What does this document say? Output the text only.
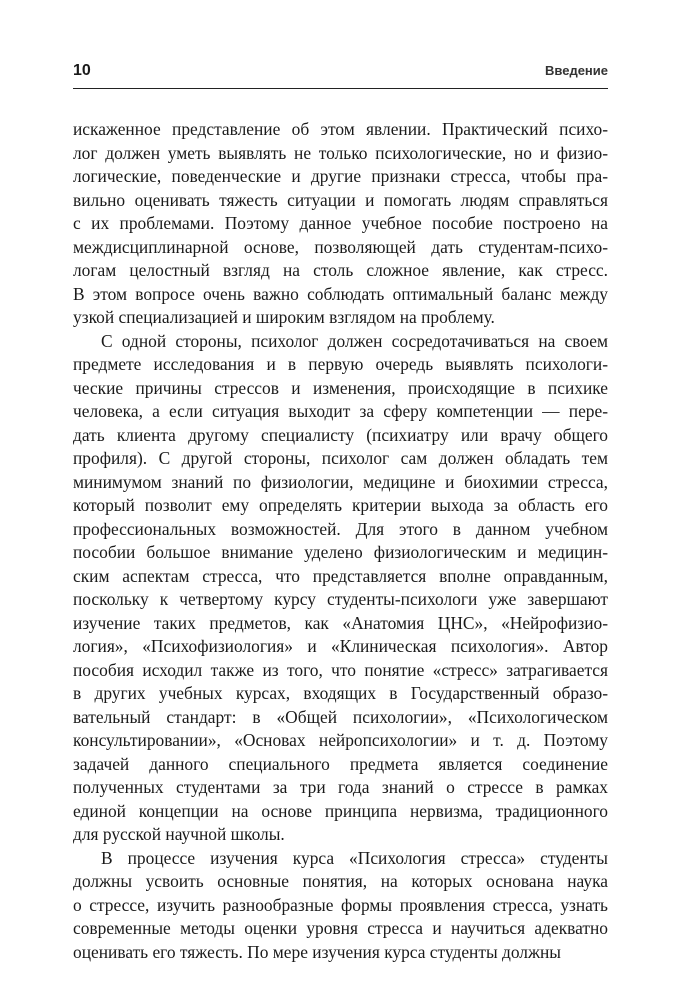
10	Введение
искаженное представление об этом явлении. Практический психо-
лог должен уметь выявлять не только психологические, но и физио-
логические, поведенческие и другие признаки стресса, чтобы пра-
вильно оценивать тяжесть ситуации и помогать людям справляться
с их проблемами. Поэтому данное учебное пособие построено на
междисциплинарной основе, позволяющей дать студентам-психо-
логам целостный взгляд на столь сложное явление, как стресс.
В этом вопросе очень важно соблюдать оптимальный баланс между
узкой специализацией и широким взглядом на проблему.
С одной стороны, психолог должен сосредотачиваться на своем
предмете исследования и в первую очередь выявлять психологи-
ческие причины стрессов и изменения, происходящие в психике
человека, а если ситуация выходит за сферу компетенции — пере-
дать клиента другому специалисту (психиатру или врачу общего
профиля). С другой стороны, психолог сам должен обладать тем
минимумом знаний по физиологии, медицине и биохимии стресса,
который позволит ему определять критерии выхода за область его
профессиональных возможностей. Для этого в данном учебном
пособии большое внимание уделено физиологическим и медицин-
ским аспектам стресса, что представляется вполне оправданным,
поскольку к четвертому курсу студенты-психологи уже завершают
изучение таких предметов, как «Анатомия ЦНС», «Нейрофизио-
логия», «Психофизиология» и «Клиническая психология». Автор
пособия исходил также из того, что понятие «стресс» затрагивается
в других учебных курсах, входящих в Государственный образо-
вательный стандарт: в «Общей психологии», «Психологическом
консультировании», «Основах нейропсихологии» и т. д. Поэтому
задачей данного специального предмета является соединение
полученных студентами за три года знаний о стрессе в рамках
единой концепции на основе принципа нервизма, традиционного
для русской научной школы.
В процессе изучения курса «Психология стресса» студенты
должны усвоить основные понятия, на которых основана наука
о стрессе, изучить разнообразные формы проявления стресса, узнать
современные методы оценки уровня стресса и научиться адекватно
оценивать его тяжесть. По мере изучения курса студенты должны
